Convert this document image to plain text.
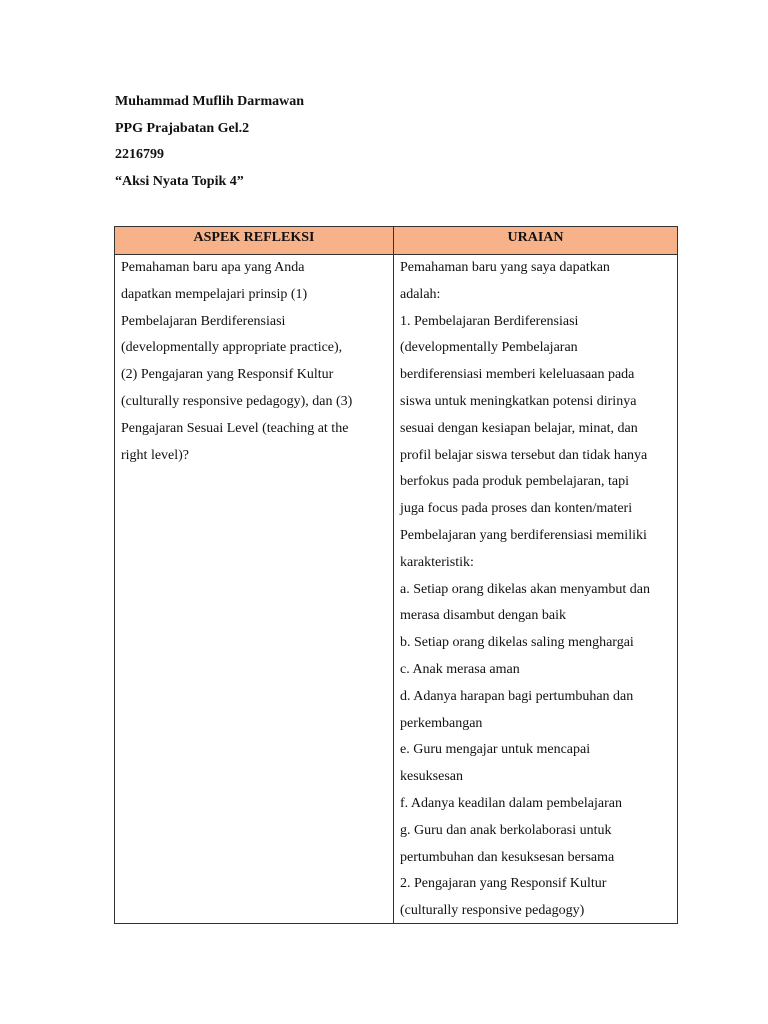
Muhammad Muflih Darmawan
PPG Prajabatan Gel.2
2216799
“Aksi Nyata Topik 4”
ASPEK REFLEKSI	URAIAN
Pemahaman baru apa yang Anda
dapatkan mempelajari prinsip (1)
Pembelajaran Berdiferensiasi
(developmentally appropriate practice),
(2) Pengajaran yang Responsif Kultur
(culturally responsive pedagogy), dan (3)
Pengajaran Sesuai Level (teaching at the
right level)?
Pemahaman baru yang saya dapatkan
adalah:
1. Pembelajaran Berdiferensiasi
(developmentally Pembelajaran
berdiferensiasi memberi keleluasaan pada
siswa untuk meningkatkan potensi dirinya
sesuai dengan kesiapan belajar, minat, dan
profil belajar siswa tersebut dan tidak hanya
berfokus pada produk pembelajaran, tapi
juga focus pada proses dan konten/materi
Pembelajaran yang berdiferensiasi memiliki
karakteristik:
a. Setiap orang dikelas akan menyambut dan
merasa disambut dengan baik
b. Setiap orang dikelas saling menghargai
c. Anak merasa aman
d. Adanya harapan bagi pertumbuhan dan
perkembangan
e. Guru mengajar untuk mencapai
kesuksesan
f. Adanya keadilan dalam pembelajaran
g. Guru dan anak berkolaborasi untuk
pertumbuhan dan kesuksesan bersama
2. Pengajaran yang Responsif Kultur
(culturally responsive pedagogy)
